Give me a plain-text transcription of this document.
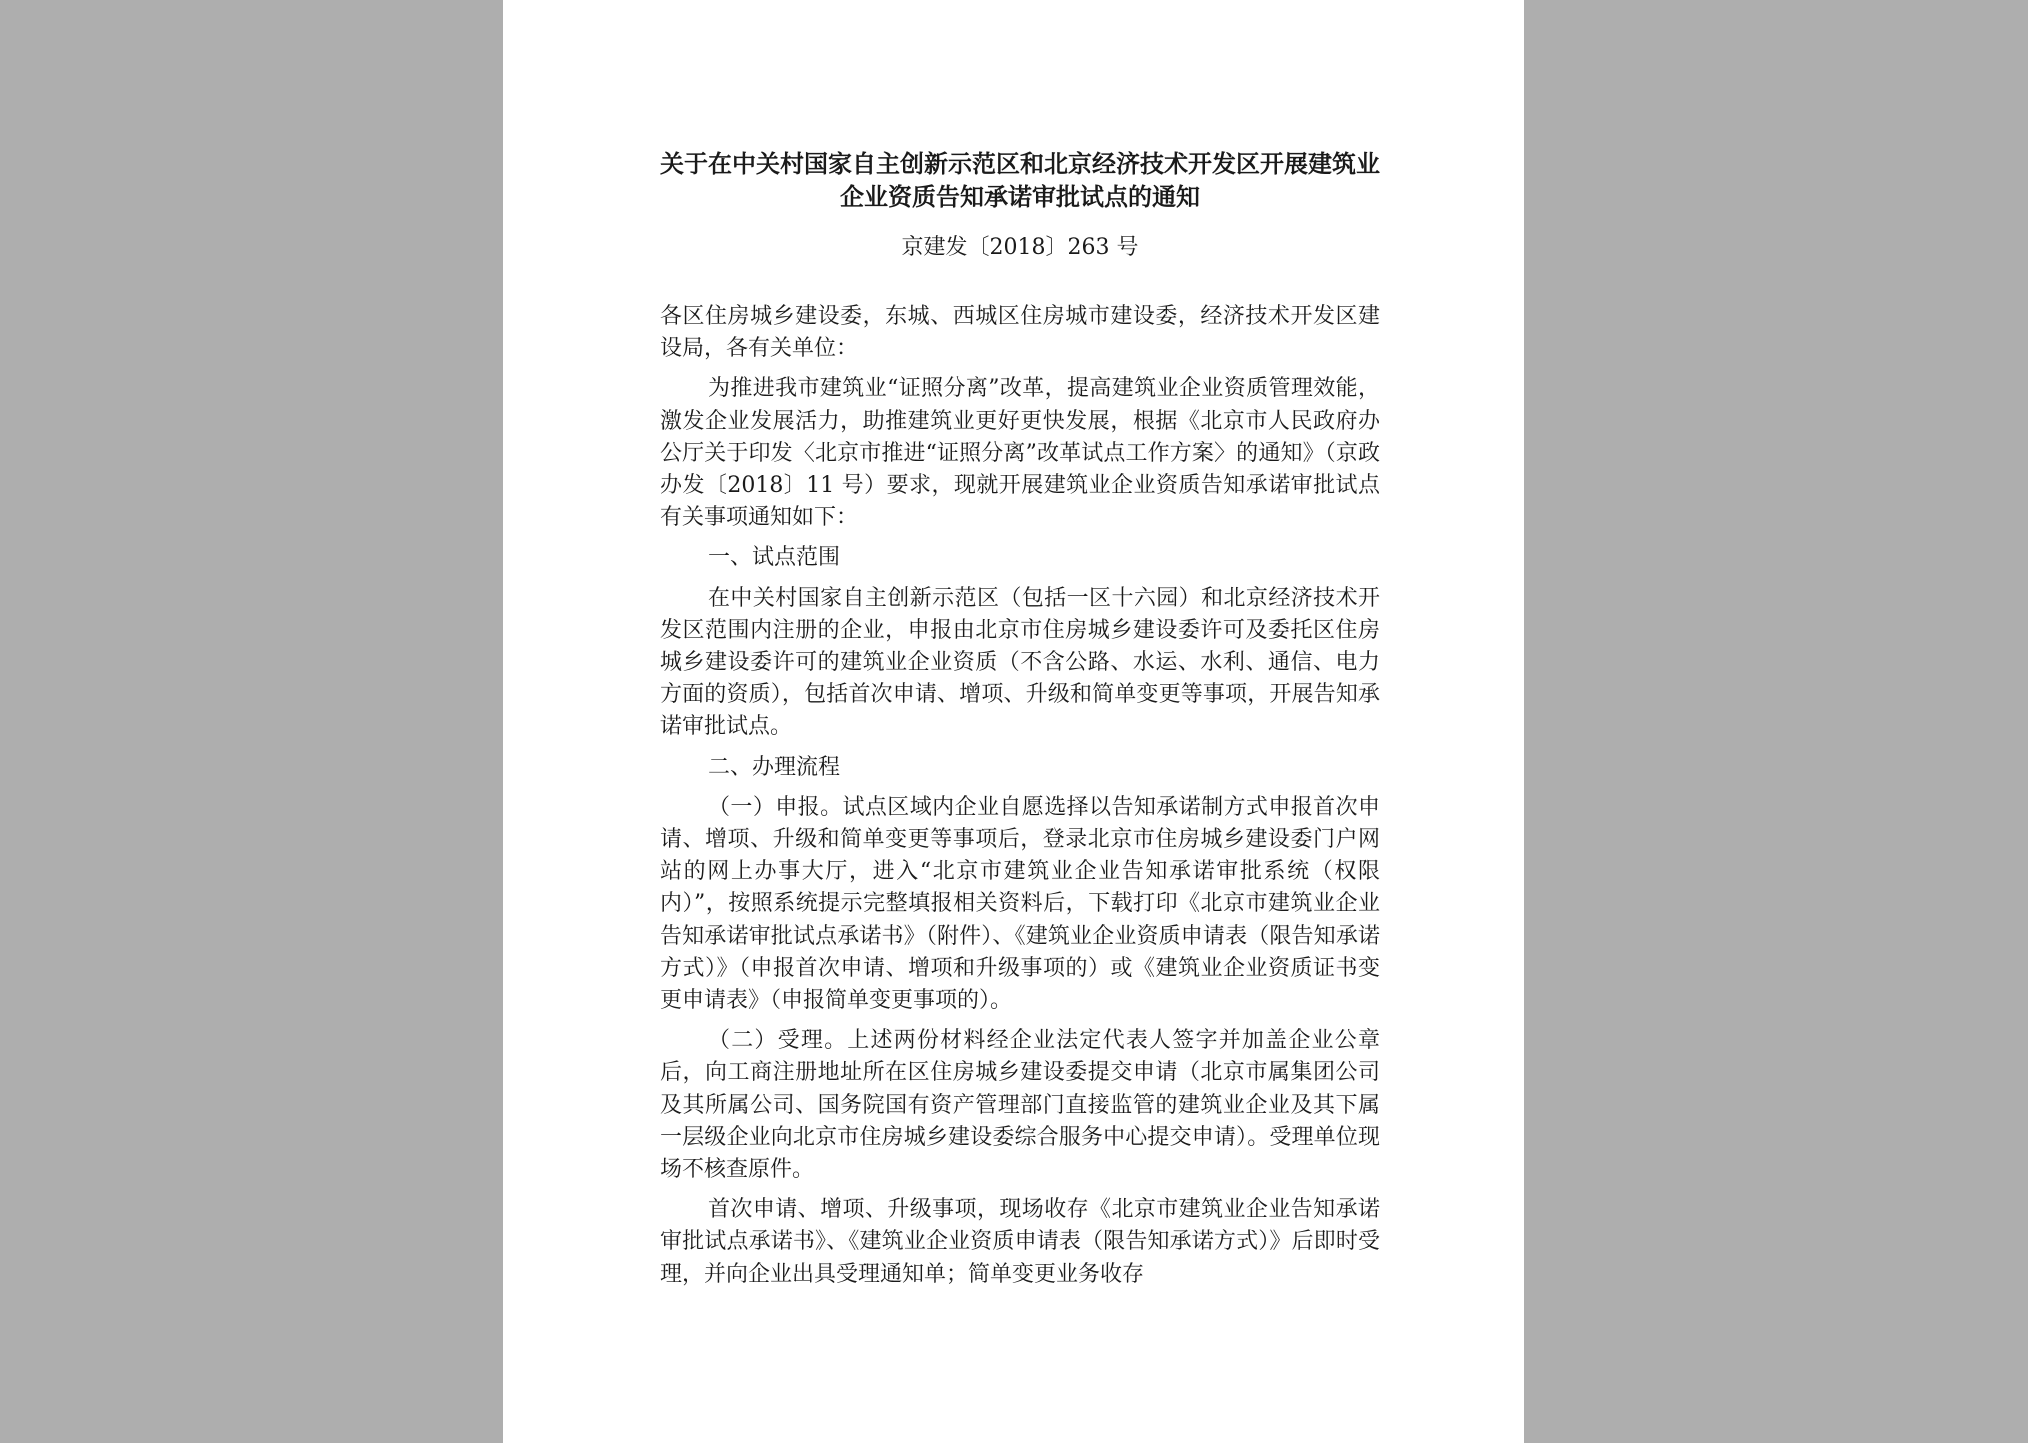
关于在中关村国家自主创新示范区和北京经济技术开发区开展建筑业企业资质告知承诺审批试点的通知

京建发〔2018〕263 号

各区住房城乡建设委，东城、西城区住房城市建设委，经济技术开发区建设局，各有关单位：

为推进我市建筑业“证照分离”改革，提高建筑业企业资质管理效能，激发企业发展活力，助推建筑业更好更快发展，根据《北京市人民政府办公厅关于印发〈北京市推进“证照分离”改革试点工作方案〉的通知》（京政办发〔2018〕11 号）要求，现就开展建筑业企业资质告知承诺审批试点有关事项通知如下：

一、试点范围

在中关村国家自主创新示范区（包括一区十六园）和北京经济技术开发区范围内注册的企业，申报由北京市住房城乡建设委许可及委托区住房城乡建设委许可的建筑业企业资质（不含公路、水运、水利、通信、电力方面的资质），包括首次申请、增项、升级和简单变更等事项，开展告知承诺审批试点。

二、办理流程

（一）申报。试点区域内企业自愿选择以告知承诺制方式申报首次申请、增项、升级和简单变更等事项后，登录北京市住房城乡建设委门户网站的网上办事大厅，进入“北京市建筑业企业告知承诺审批系统（权限内）”，按照系统提示完整填报相关资料后，下载打印《北京市建筑业企业告知承诺审批试点承诺书》（附件）、《建筑业企业资质申请表（限告知承诺方式）》（申报首次申请、增项和升级事项的）或《建筑业企业资质证书变更申请表》（申报简单变更事项的）。

（二）受理。上述两份材料经企业法定代表人签字并加盖企业公章后，向工商注册地址所在区住房城乡建设委提交申请（北京市属集团公司及其所属公司、国务院国有资产管理部门直接监管的建筑业企业及其下属一层级企业向北京市住房城乡建设委综合服务中心提交申请）。受理单位现场不核查原件。

首次申请、增项、升级事项，现场收存《北京市建筑业企业告知承诺审批试点承诺书》、《建筑业企业资质申请表（限告知承诺方式）》后即时受理，并向企业出具受理通知单；简单变更业务收存
